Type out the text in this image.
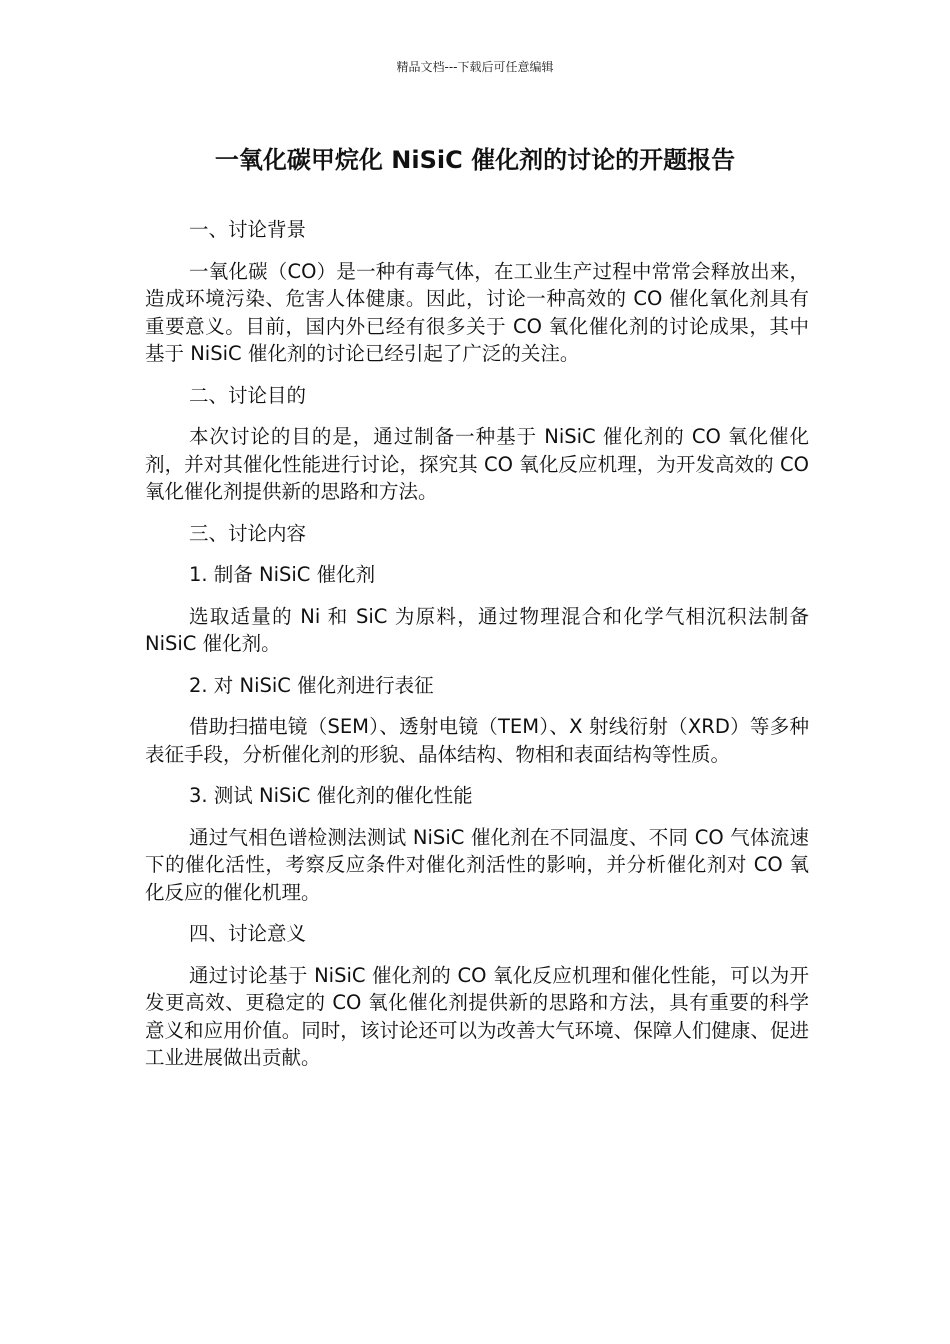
精品文档---下载后可任意编辑
一氧化碳甲烷化 NiSiC 催化剂的讨论的开题报告

一、讨论背景

一氧化碳（CO）是一种有毒气体，在工业生产过程中常常会释放出来，造成环境污染、危害人体健康。因此，讨论一种高效的 CO 催化氧化剂具有重要意义。目前，国内外已经有很多关于 CO 氧化催化剂的讨论成果，其中基于 NiSiC 催化剂的讨论已经引起了广泛的关注。

二、讨论目的

本次讨论的目的是，通过制备一种基于 NiSiC 催化剂的 CO 氧化催化剂，并对其催化性能进行讨论，探究其 CO 氧化反应机理，为开发高效的 CO 氧化催化剂提供新的思路和方法。

三、讨论内容

1. 制备 NiSiC 催化剂

选取适量的 Ni 和 SiC 为原料，通过物理混合和化学气相沉积法制备 NiSiC 催化剂。

2. 对 NiSiC 催化剂进行表征

借助扫描电镜（SEM）、透射电镜（TEM）、X 射线衍射（XRD）等多种表征手段，分析催化剂的形貌、晶体结构、物相和表面结构等性质。

3. 测试 NiSiC 催化剂的催化性能

通过气相色谱检测法测试 NiSiC 催化剂在不同温度、不同 CO 气体流速下的催化活性，考察反应条件对催化剂活性的影响，并分析催化剂对 CO 氧化反应的催化机理。

四、讨论意义

通过讨论基于 NiSiC 催化剂的 CO 氧化反应机理和催化性能，可以为开发更高效、更稳定的 CO 氧化催化剂提供新的思路和方法，具有重要的科学意义和应用价值。同时，该讨论还可以为改善大气环境、保障人们健康、促进工业进展做出贡献。
